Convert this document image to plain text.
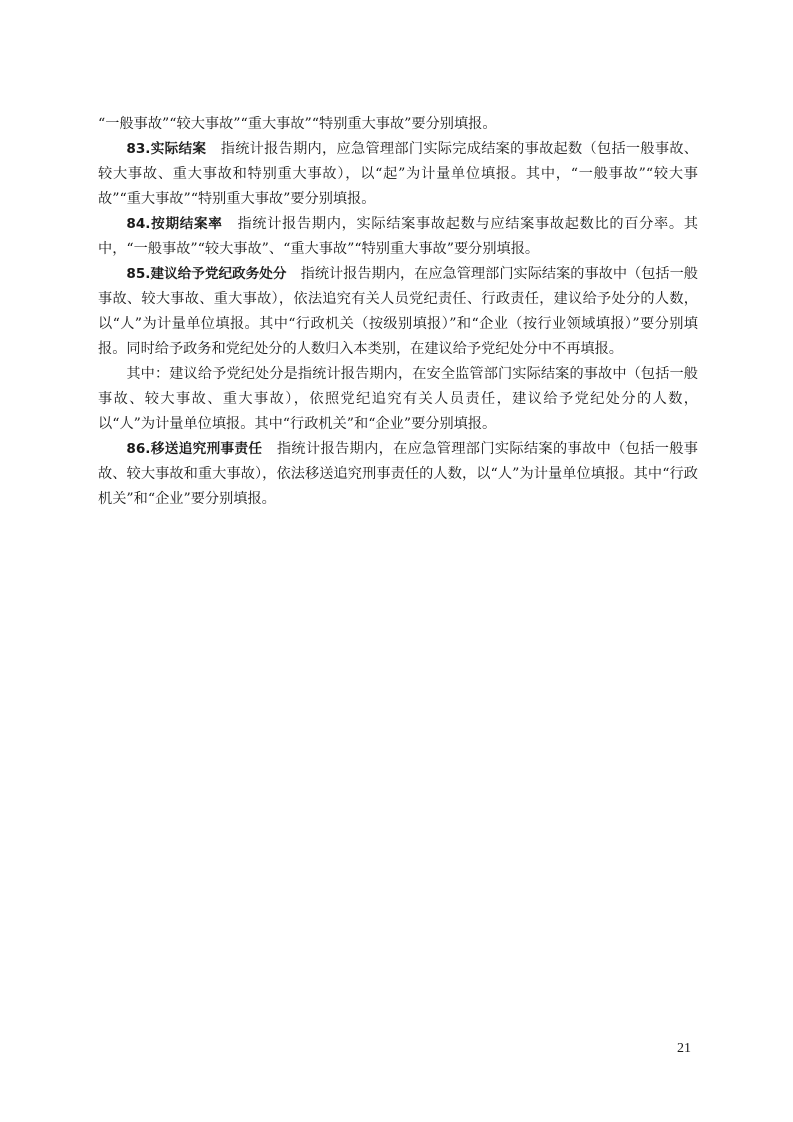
“一般事故”“较大事故”“重大事故”“特别重大事故”要分别填报。

83.实际结案 指统计报告期内，应急管理部门实际完成结案的事故起数（包括一般事故、较大事故、重大事故和特别重大事故），以“起”为计量单位填报。其中，“一般事故”“较大事故”“重大事故”“特别重大事故”要分别填报。

84.按期结案率 指统计报告期内，实际结案事故起数与应结案事故起数比的百分率。其中，“一般事故”“较大事故”、“重大事故”“特别重大事故”要分别填报。

85.建议给予党纪政务处分 指统计报告期内，在应急管理部门实际结案的事故中（包括一般事故、较大事故、重大事故），依法追究有关人员党纪责任、行政责任，建议给予处分的人数，以“人”为计量单位填报。其中“行政机关（按级别填报）”和“企业（按行业领域填报）”要分别填报。同时给予政务和党纪处分的人数归入本类别，在建议给予党纪处分中不再填报。

其中：建议给予党纪处分是指统计报告期内，在安全监管部门实际结案的事故中（包括一般事故、较大事故、重大事故），依照党纪追究有关人员责任，建议给予党纪处分的人数，以“人”为计量单位填报。其中“行政机关”和“企业”要分别填报。

86.移送追究刑事责任 指统计报告期内，在应急管理部门实际结案的事故中（包括一般事故、较大事故和重大事故），依法移送追究刑事责任的人数，以“人”为计量单位填报。其中“行政机关”和“企业”要分别填报。

21
